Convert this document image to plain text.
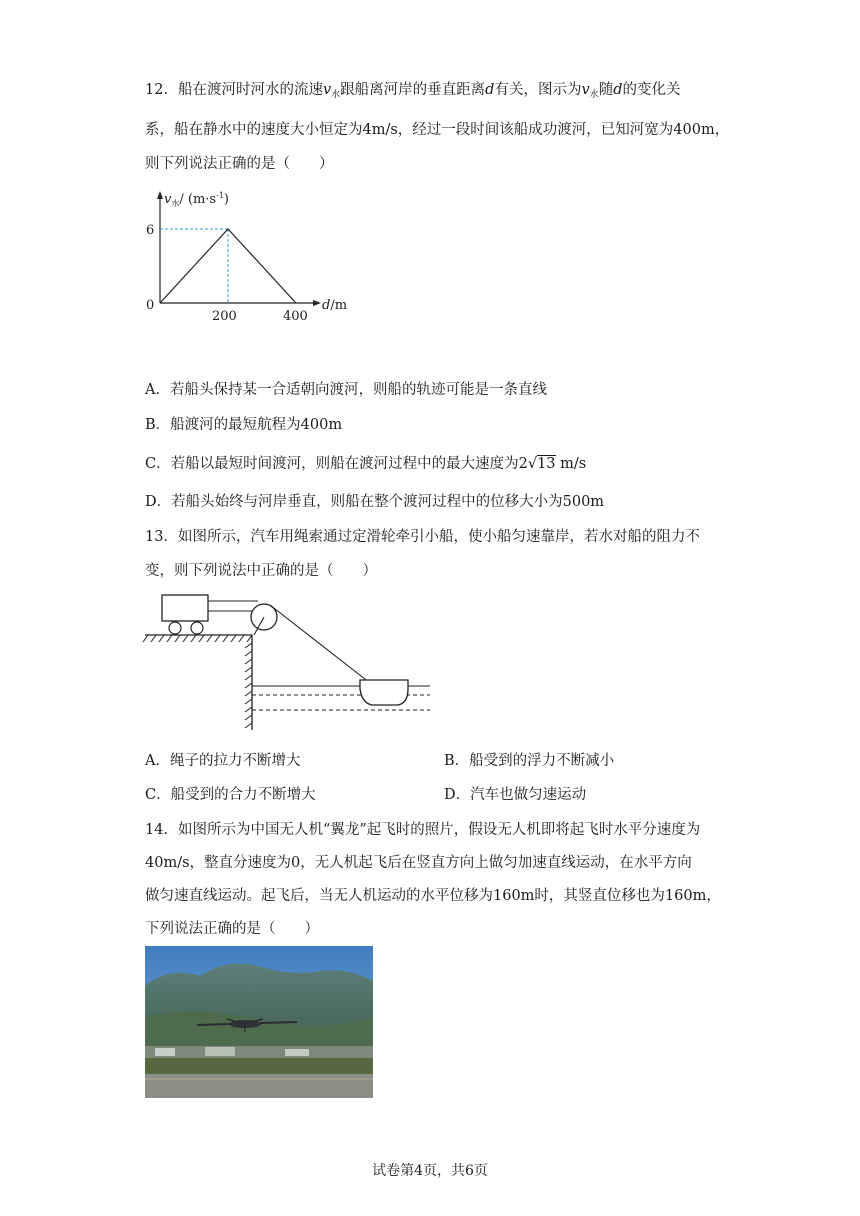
12．船在渡河时河水的流速$v_水$跟船离河岸的垂直距离d有关，图示为$v_水$随d的变化关
系，船在静水中的速度大小恒定为4m/s，经过一段时间该船成功渡河，已知河宽为400m，
则下列说法正确的是（　　）
$v_水/$ $(m\cdot s^{-1})$
6
0
200	400
d/m
A．若船头保持某一合适朝向渡河，则船的轨迹可能是一条直线
B．船渡河的最短航程为400m
C．若船以最短时间渡河，则船在渡河过程中的最大速度为2√13 m/s
D．若船头始终与河岸垂直，则船在整个渡河过程中的位移大小为500m
13．如图所示，汽车用绳索通过定滑轮牵引小船，使小船匀速靠岸，若水对船的阻力不
变，则下列说法中正确的是（　　）
A．绳子的拉力不断增大	B．船受到的浮力不断减小
C．船受到的合力不断增大	D．汽车也做匀速运动
14．如图所示为中国无人机“翼龙”起飞时的照片，假设无人机即将起飞时水平分速度为
40m/s，整直分速度为0，无人机起飞后在竖直方向上做匀加速直线运动，在水平方向
做匀速直线运动。起飞后，当无人机运动的水平位移为160m时，其竖直位移也为160m，
下列说法正确的是（　　）
试卷第4页，共6页
